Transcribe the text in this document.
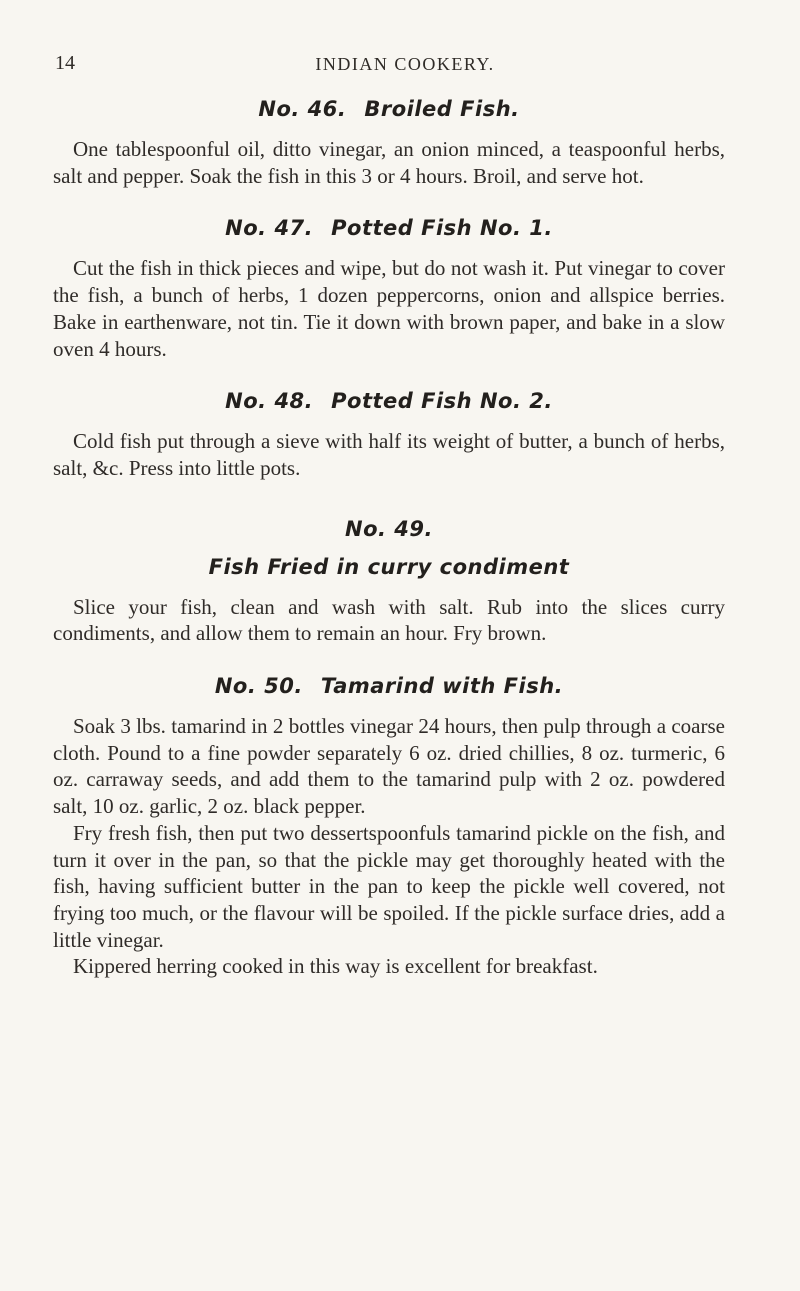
14	INDIAN COOKERY.
No. 46. Broiled Fish.

One tablespoonful oil, ditto vinegar, an onion minced, a teaspoonful herbs, salt and pepper. Soak the fish in this 3 or 4 hours. Broil, and serve hot.

No. 47. Potted Fish No. 1.

Cut the fish in thick pieces and wipe, but do not wash it. Put vinegar to cover the fish, a bunch of herbs, 1 dozen peppercorns, onion and allspice berries. Bake in earthenware, not tin. Tie it down with brown paper, and bake in a slow oven 4 hours.

No. 48. Potted Fish No. 2.

Cold fish put through a sieve with half its weight of butter, a bunch of herbs, salt, &c. Press into little pots.

No. 49.
Fish Fried in curry condiment

Slice your fish, clean and wash with salt. Rub into the slices curry condiments, and allow them to remain an hour. Fry brown.

No. 50. Tamarind with Fish.

Soak 3 lbs. tamarind in 2 bottles vinegar 24 hours, then pulp through a coarse cloth. Pound to a fine powder separately 6 oz. dried chillies, 8 oz. turmeric, 6 oz. carraway seeds, and add them to the tamarind pulp with 2 oz. powdered salt, 10 oz. garlic, 2 oz. black pepper.

Fry fresh fish, then put two dessertspoonfuls tamarind pickle on the fish, and turn it over in the pan, so that the pickle may get thoroughly heated with the fish, having sufficient butter in the pan to keep the pickle well covered, not frying too much, or the flavour will be spoiled. If the pickle surface dries, add a little vinegar.

Kippered herring cooked in this way is excellent for breakfast.
